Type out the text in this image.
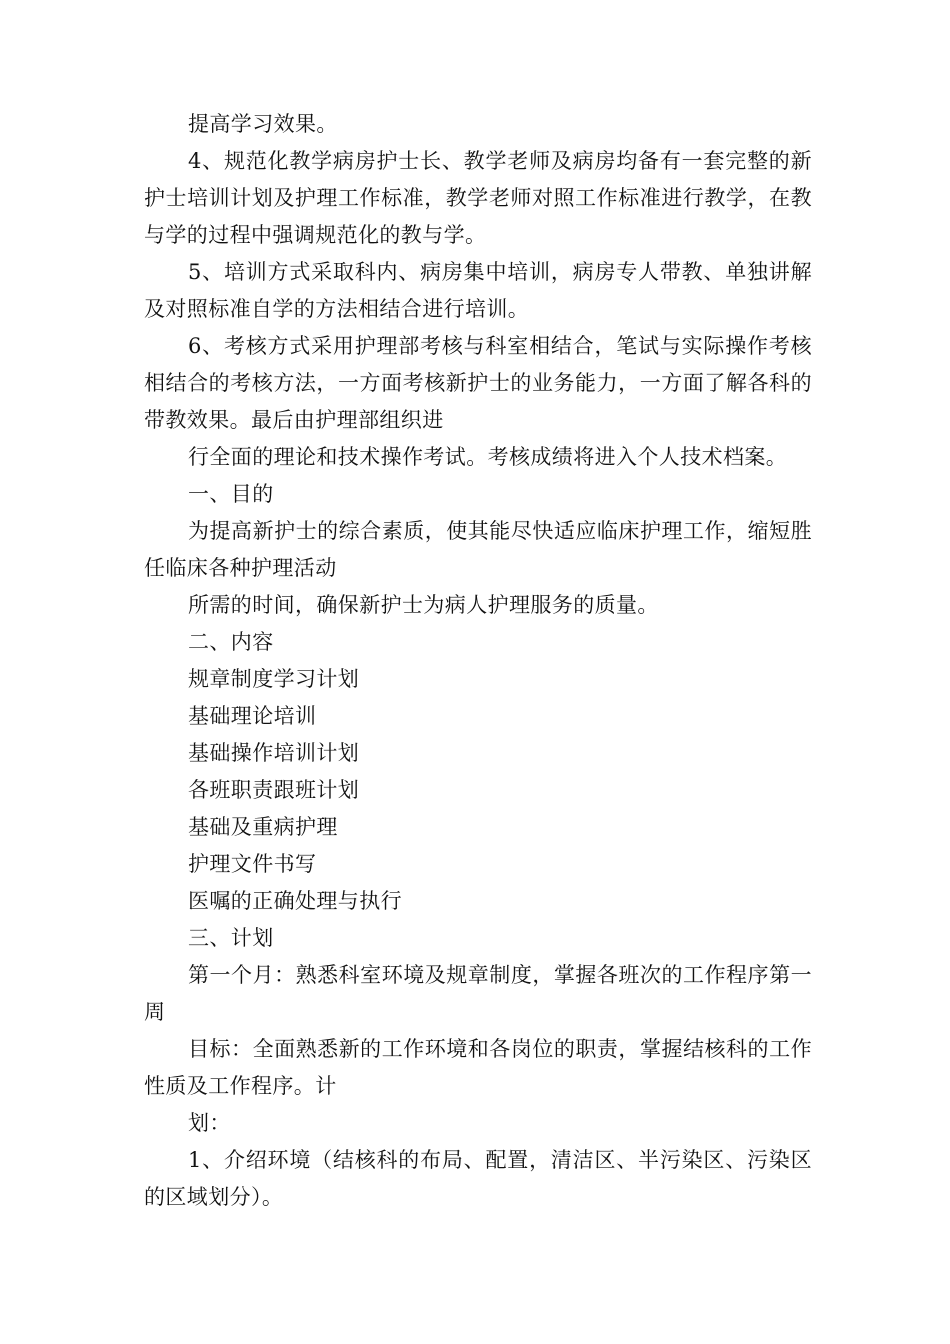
提高学习效果。

4、规范化教学病房护士长、教学老师及病房均备有一套完整的新护士培训计划及护理工作标准，教学老师对照工作标准进行教学，在教与学的过程中强调规范化的教与学。

5、培训方式采取科内、病房集中培训，病房专人带教、单独讲解及对照标准自学的方法相结合进行培训。

6、考核方式采用护理部考核与科室相结合，笔试与实际操作考核相结合的考核方法，一方面考核新护士的业务能力，一方面了解各科的带教效果。最后由护理部组织进

行全面的理论和技术操作考试。考核成绩将进入个人技术档案。

一、目的

为提高新护士的综合素质，使其能尽快适应临床护理工作，缩短胜任临床各种护理活动

所需的时间，确保新护士为病人护理服务的质量。

二、内容

规章制度学习计划

基础理论培训

基础操作培训计划

各班职责跟班计划

基础及重病护理

护理文件书写

医嘱的正确处理与执行

三、计划

第一个月：熟悉科室环境及规章制度，掌握各班次的工作程序第一周

目标：全面熟悉新的工作环境和各岗位的职责，掌握结核科的工作性质及工作程序。计

划：

1、介绍环境（结核科的布局、配置，清洁区、半污染区、污染区的区域划分）。
